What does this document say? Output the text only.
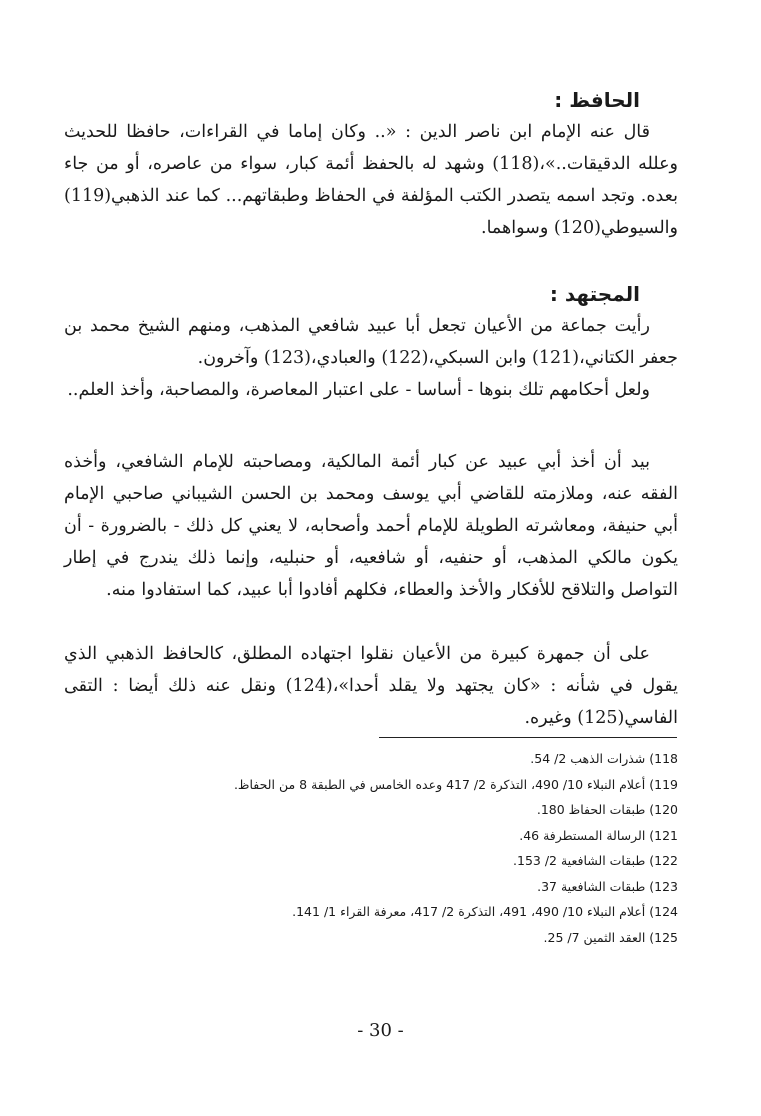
الحافظ :

قال عنه الإمام ابن ناصر الدين : «.. وكان إماما في القراءات، حافظا للحديث وعلله الدقيقات..»،(118) وشهد له بالحفظ أئمة كبار، سواء من عاصره، أو من جاء بعده. وتجد اسمه يتصدر الكتب المؤلفة في الحفاظ وطبقاتهم... كما عند الذهبي(119) والسيوطي(120) وسواهما.

المجتهد :

رأيت جماعة من الأعيان تجعل أبا عبيد شافعي المذهب، ومنهم الشيخ محمد بن جعفر الكتاني،(121) وابن السبكي،(122) والعبادي،(123) وآخرون.

ولعل أحكامهم تلك بنوها - أساسا - على اعتبار المعاصرة، والمصاحبة، وأخذ العلم..

بيد أن أخذ أبي عبيد عن كبار أئمة المالكية، ومصاحبته للإمام الشافعي، وأخذه الفقه عنه، وملازمته للقاضي أبي يوسف ومحمد بن الحسن الشيباني صاحبي الإمام أبي حنيفة، ومعاشرته الطويلة للإمام أحمد وأصحابه، لا يعني كل ذلك - بالضرورة - أن يكون مالكي المذهب، أو حنفيه، أو شافعيه، أو حنبليه، وإنما ذلك يندرج في إطار التواصل والتلاقح للأفكار والأخذ والعطاء، فكلهم أفادوا أبا عبيد، كما استفادوا منه.

على أن جمهرة كبيرة من الأعيان نقلوا اجتهاده المطلق، كالحافظ الذهبي الذي يقول في شأنه : «كان يجتهد ولا يقلد أحدا»،(124) ونقل عنه ذلك أيضا : التقى الفاسي(125) وغيره.

118) شذرات الذهب 2/ 54.
119) أعلام النبلاء 10/ 490، التذكرة 2/ 417 وعده الخامس في الطبقة 8 من الحفاظ.
120) طبقات الحفاظ 180.
121) الرسالة المستطرفة 46.
122) طبقات الشافعية 2/ 153.
123) طبقات الشافعية 37.
124) أعلام النبلاء 10/ 490، 491، التذكرة 2/ 417، معرفة القراء 1/ 141.
125) العقد الثمين 7/ 25.
- 30 -
